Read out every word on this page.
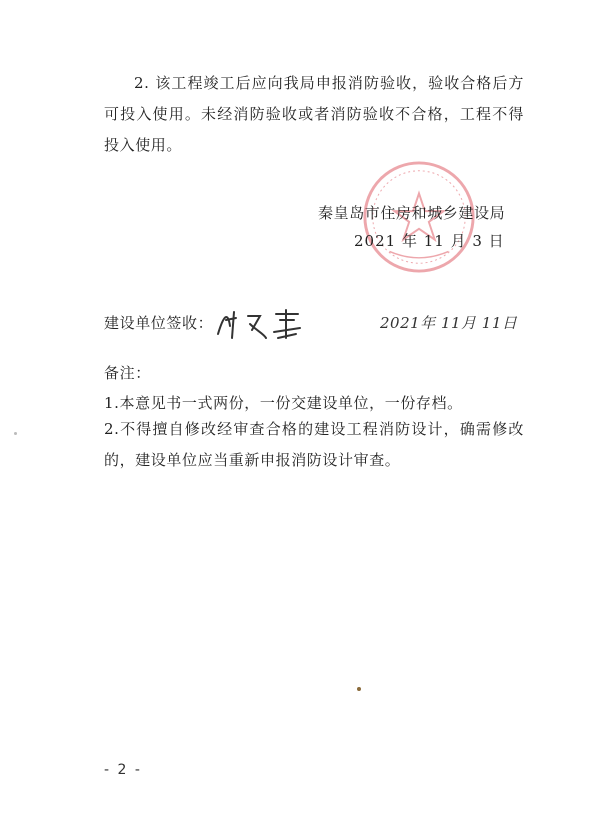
2. 该工程竣工后应向我局申报消防验收，验收合格后方可投入使用。未经消防验收或者消防验收不合格，工程不得投入使用。

秦皇岛市住房和城乡建设局

2021 年 11 月 3 日

建设单位签收：	2021年 11月 11日

备注：

1.本意见书一式两份，一份交建设单位，一份存档。

2.不得擅自修改经审查合格的建设工程消防设计，确需修改的，建设单位应当重新申报消防设计审查。

- 2 -
